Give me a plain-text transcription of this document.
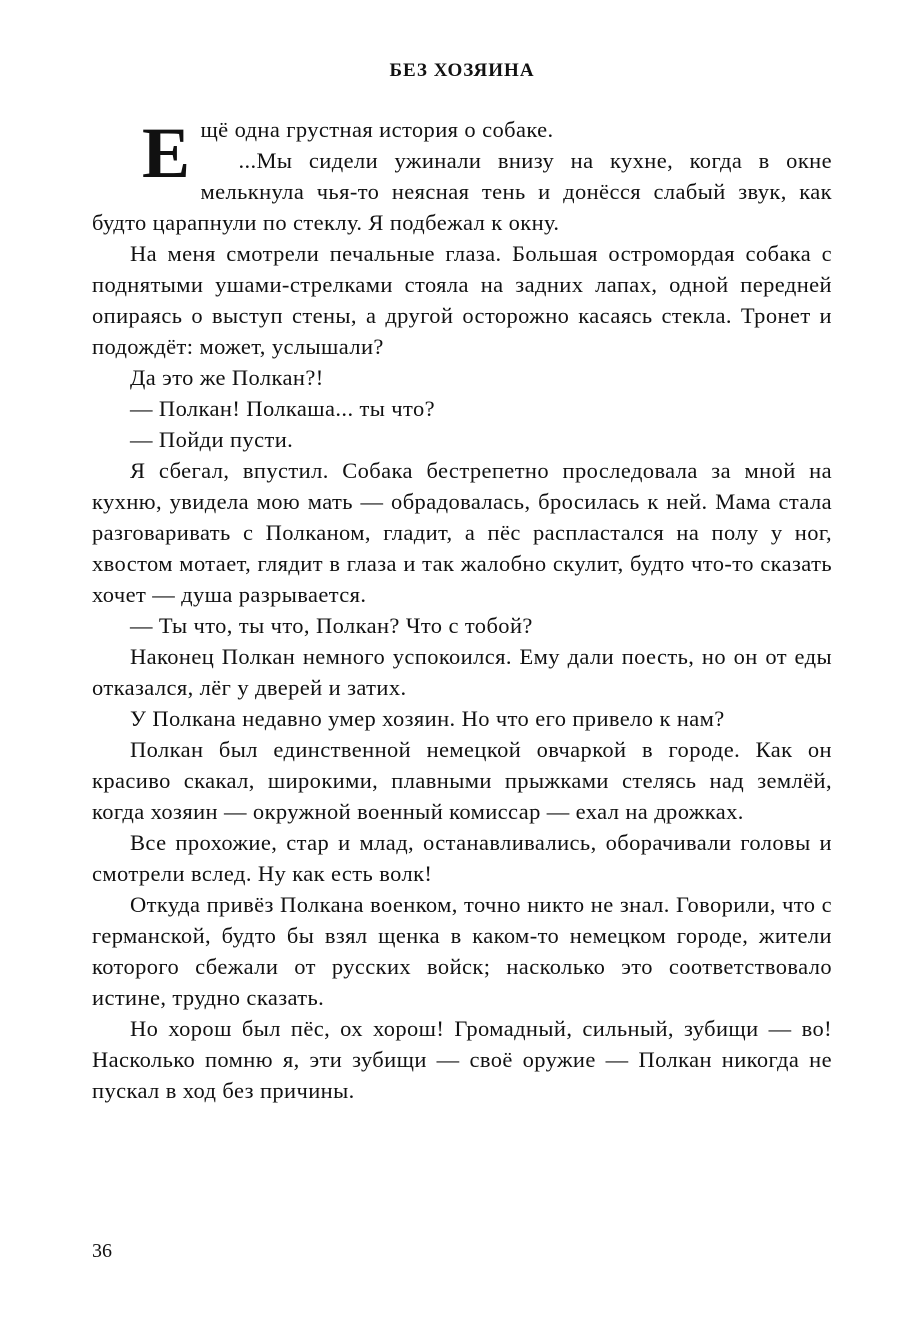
БЕЗ ХОЗЯИНА

Ещё одна грустная история о собаке.

...Мы сидели ужинали внизу на кухне, когда в окне мелькнула чья-то неясная тень и донёсся слабый звук, как будто царапнули по стеклу. Я подбежал к окну.

На меня смотрели печальные глаза. Большая остромордая собака с поднятыми ушами-стрелками стояла на задних лапах, одной передней опираясь о выступ стены, а другой осторожно касаясь стекла. Тронет и подождёт: может, услышали?

Да это же Полкан?!

— Полкан! Полкаша... ты что?

— Пойди пусти.

Я сбегал, впустил. Собака бестрепетно проследовала за мной на кухню, увидела мою мать — обрадовалась, бросилась к ней. Мама стала разговаривать с Полканом, гладит, а пёс распластался на полу у ног, хвостом мотает, глядит в глаза и так жалобно скулит, будто что-то сказать хочет — душа разрывается.

— Ты что, ты что, Полкан? Что с тобой?

Наконец Полкан немного успокоился. Ему дали поесть, но он от еды отказался, лёг у дверей и затих.

У Полкана недавно умер хозяин. Но что его привело к нам?

Полкан был единственной немецкой овчаркой в городе. Как он красиво скакал, широкими, плавными прыжками стелясь над землёй, когда хозяин — окружной военный комиссар — ехал на дрожках.

Все прохожие, стар и млад, останавливались, оборачивали головы и смотрели вслед. Ну как есть волк!

Откуда привёз Полкана военком, точно никто не знал. Говорили, что с германской, будто бы взял щенка в каком-то немецком городе, жители которого сбежали от русских войск; насколько это соответствовало истине, трудно сказать.

Но хорош был пёс, ох хорош! Громадный, сильный, зубищи — во! Насколько помню я, эти зубищи — своё оружие — Полкан никогда не пускал в ход без причины.

36
